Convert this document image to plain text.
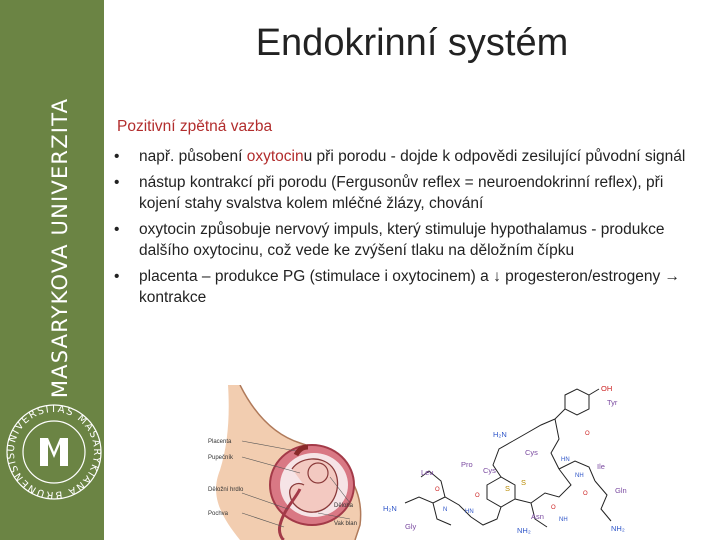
MASARYKOVA UNIVERZITA
UNIVERSITAS MASARYKIANA BRUNENSIS
Endokrinní systém
Pozitivní zpětná vazba
• např. působení oxytocinu při porodu - dojde k odpovědi zesilující původní signál
• nástup kontrakcí při porodu (Fergusonův reflex = neuroendokrinní reflex), při kojení stahy svalstva kolem mléčné žlázy, chování
• oxytocin způsobuje nervový impuls, který stimuluje hypothalamus - produkce dalšího oxytocinu, což vede ke zvýšení tlaku na děložním čípku
• placenta – produkce PG (stimulace i oxytocinem) a ↓ progesteron/estrogeny → kontrakce
Placenta
Pupečník
Děložní hrdlo
Pochva
Děloha
Vak blan
OH
Tyr
H₂N
Cys
Pro
Cys
Leu
Ile
Gln
Gly
H₂N
Asn
NH₂	NH₂
S
S
O
O
O
O
O
HN
NH
HN
N
NH
